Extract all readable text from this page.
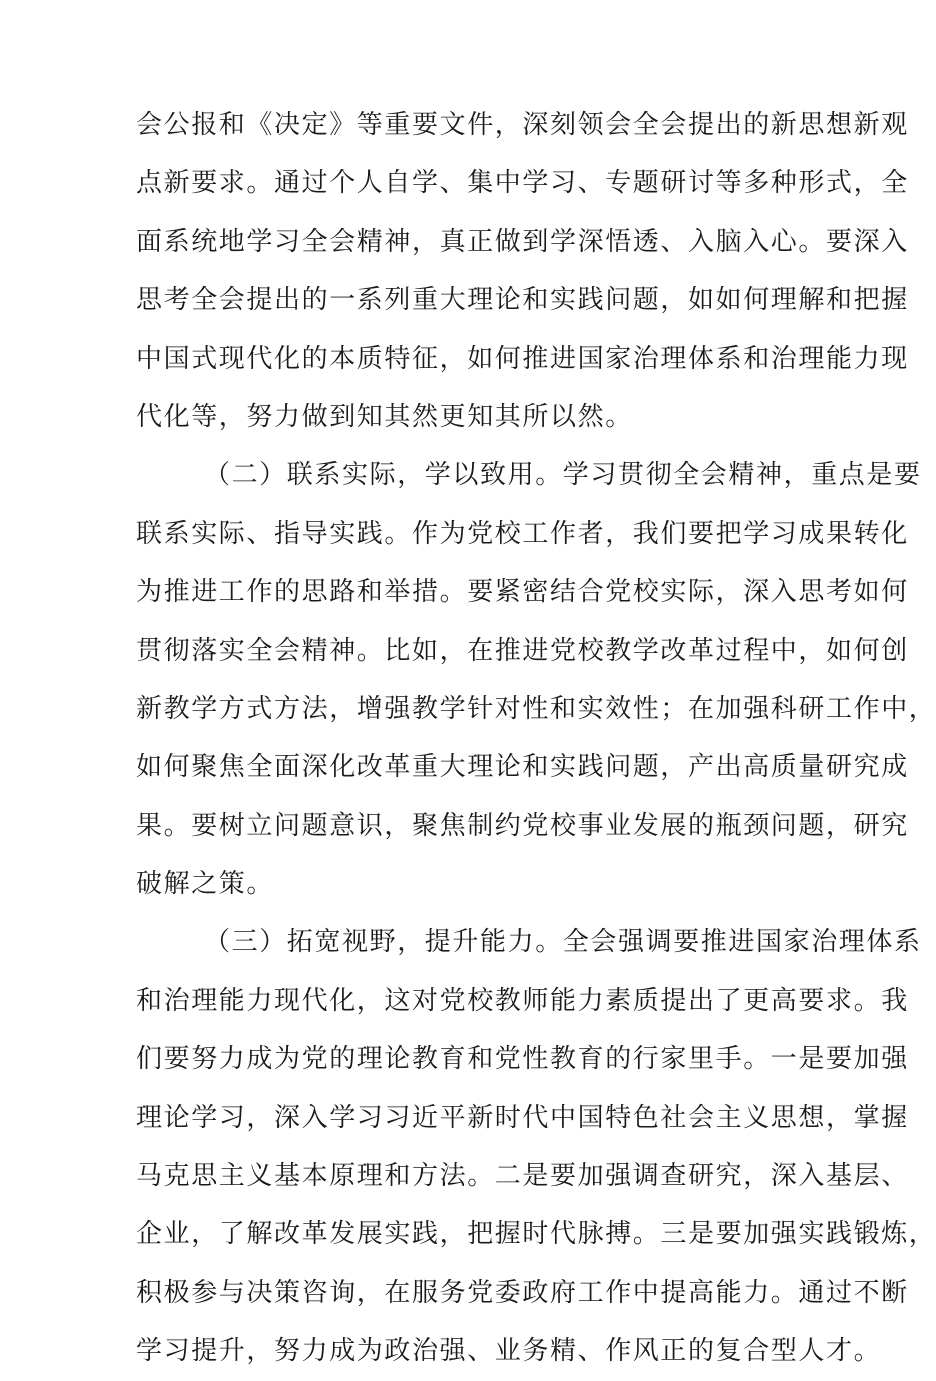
会公报和《决定》等重要文件，深刻领会全会提出的新思想新观
点新要求。通过个人自学、集中学习、专题研讨等多种形式，全
面系统地学习全会精神，真正做到学深悟透、入脑入心。要深入
思考全会提出的一系列重大理论和实践问题，如如何理解和把握
中国式现代化的本质特征，如何推进国家治理体系和治理能力现
代化等，努力做到知其然更知其所以然。
（二）联系实际，学以致用。学习贯彻全会精神，重点是要
联系实际、指导实践。作为党校工作者，我们要把学习成果转化
为推进工作的思路和举措。要紧密结合党校实际，深入思考如何
贯彻落实全会精神。比如，在推进党校教学改革过程中，如何创
新教学方式方法，增强教学针对性和实效性；在加强科研工作中，
如何聚焦全面深化改革重大理论和实践问题，产出高质量研究成
果。要树立问题意识，聚焦制约党校事业发展的瓶颈问题，研究
破解之策。
（三）拓宽视野，提升能力。全会强调要推进国家治理体系
和治理能力现代化，这对党校教师能力素质提出了更高要求。我
们要努力成为党的理论教育和党性教育的行家里手。一是要加强
理论学习，深入学习习近平新时代中国特色社会主义思想，掌握
马克思主义基本原理和方法。二是要加强调查研究，深入基层、
企业，了解改革发展实践，把握时代脉搏。三是要加强实践锻炼，
积极参与决策咨询，在服务党委政府工作中提高能力。通过不断
学习提升，努力成为政治强、业务精、作风正的复合型人才。
